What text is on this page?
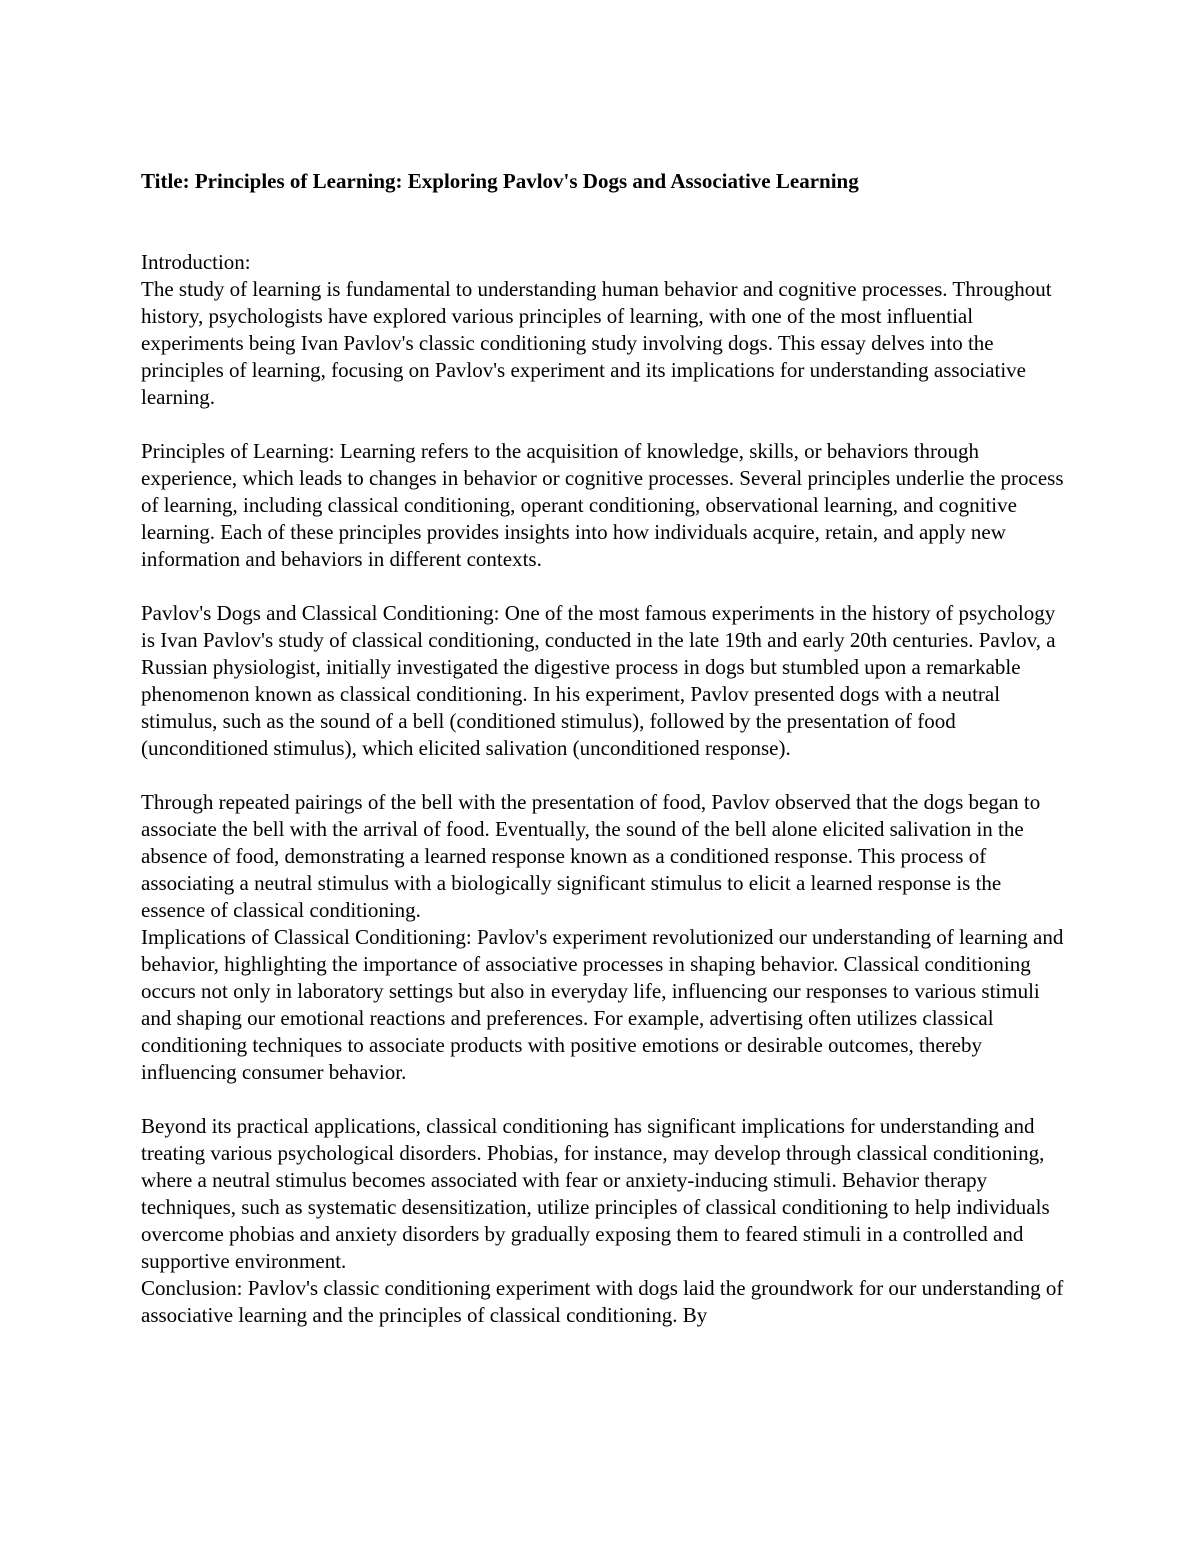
Title: Principles of Learning: Exploring Pavlov's Dogs and Associative Learning

Introduction:

The study of learning is fundamental to understanding human behavior and cognitive processes. Throughout history, psychologists have explored various principles of learning, with one of the most influential experiments being Ivan Pavlov's classic conditioning study involving dogs. This essay delves into the principles of learning, focusing on Pavlov's experiment and its implications for understanding associative learning.

Principles of Learning: Learning refers to the acquisition of knowledge, skills, or behaviors through experience, which leads to changes in behavior or cognitive processes. Several principles underlie the process of learning, including classical conditioning, operant conditioning, observational learning, and cognitive learning. Each of these principles provides insights into how individuals acquire, retain, and apply new information and behaviors in different contexts.

Pavlov's Dogs and Classical Conditioning: One of the most famous experiments in the history of psychology is Ivan Pavlov's study of classical conditioning, conducted in the late 19th and early 20th centuries. Pavlov, a Russian physiologist, initially investigated the digestive process in dogs but stumbled upon a remarkable phenomenon known as classical conditioning. In his experiment, Pavlov presented dogs with a neutral stimulus, such as the sound of a bell (conditioned stimulus), followed by the presentation of food (unconditioned stimulus), which elicited salivation (unconditioned response).

Through repeated pairings of the bell with the presentation of food, Pavlov observed that the dogs began to associate the bell with the arrival of food. Eventually, the sound of the bell alone elicited salivation in the absence of food, demonstrating a learned response known as a conditioned response. This process of associating a neutral stimulus with a biologically significant stimulus to elicit a learned response is the essence of classical conditioning.

Implications of Classical Conditioning: Pavlov's experiment revolutionized our understanding of learning and behavior, highlighting the importance of associative processes in shaping behavior. Classical conditioning occurs not only in laboratory settings but also in everyday life, influencing our responses to various stimuli and shaping our emotional reactions and preferences. For example, advertising often utilizes classical conditioning techniques to associate products with positive emotions or desirable outcomes, thereby influencing consumer behavior.

Beyond its practical applications, classical conditioning has significant implications for understanding and treating various psychological disorders. Phobias, for instance, may develop through classical conditioning, where a neutral stimulus becomes associated with fear or anxiety-inducing stimuli. Behavior therapy techniques, such as systematic desensitization, utilize principles of classical conditioning to help individuals overcome phobias and anxiety disorders by gradually exposing them to feared stimuli in a controlled and supportive environment.

Conclusion: Pavlov's classic conditioning experiment with dogs laid the groundwork for our understanding of associative learning and the principles of classical conditioning. By
